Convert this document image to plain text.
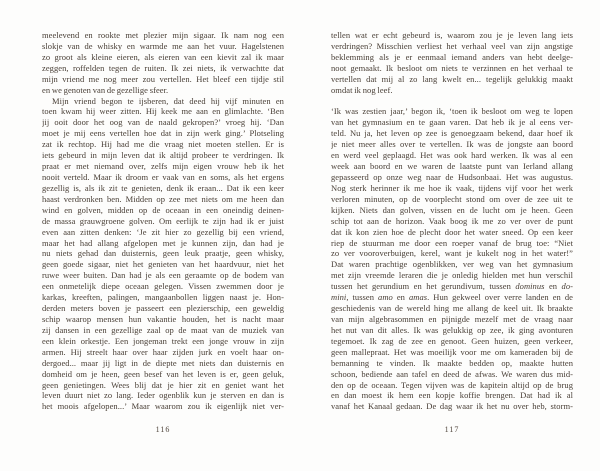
meelevend en rookte met plezier mijn sigaar. Ik nam nog een
slokje van de whisky en warmde me aan het vuur. Hagelstenen
zo groot als kleine eieren, als eieren van een kievit zal ik maar
zeggen, roffelden tegen de ruiten. Ik zei niets, ik verwachtte dat
mijn vriend me nog meer zou vertellen. Het bleef een tijdje stil
en we genoten van de gezellige sfeer.
Mijn vriend begon te ijsberen, dat deed hij vijf minuten en
toen kwam hij weer zitten. Hij keek me aan en glimlachte. ‘Ben
jij ooit door het oog van de naald gekropen?’ vroeg hij. ‘Dan
moet je mij eens vertellen hoe dat in zijn werk ging.’ Plotseling
zat ik rechtop. Hij had me die vraag niet moeten stellen. Er is
iets gebeurd in mijn leven dat ik altijd probeer te verdringen. Ik
praat er met niemand over, zelfs mijn eigen vrouw heb ik het
nooit verteld. Maar ik droom er vaak van en soms, als het ergens
gezellig is, als ik zit te genieten, denk ik eraan... Dat ik een keer
haast verdronken ben. Midden op zee met niets om me heen dan
wind en golven, midden op de oceaan in een oneindig deinen-
de massa grauwgroene golven. Om eerlijk te zijn had ik er juist
even aan zitten denken: ‘Je zit hier zo gezellig bij een vriend,
maar het had allang afgelopen met je kunnen zijn, dan had je
nu niets gehad dan duisternis, geen leuk praatje, geen whisky,
geen goede sigaar, niet het genieten van het haardvuur, niet het
ruwe weer buiten. Dan had je als een geraamte op de bodem van
een onmetelijk diepe oceaan gelegen. Vissen zwemmen door je
karkas, kreeften, palingen, mangaanbollen liggen naast je. Hon-
derden meters boven je passeert een plezierschip, een geweldig
schip waarop mensen hun vakantie houden, het is nacht maar
zij dansen in een gezellige zaal op de maat van de muziek van
een klein orkestje. Een jongeman trekt een jonge vrouw in zijn
armen. Hij streelt haar over haar zijden jurk en voelt haar on-
dergoed... maar jij ligt in de diepte met niets dan duisternis en
domheid om je heen, geen besef van het leven is er, geen geluk,
geen genietingen. Wees blij dat je hier zit en geniet want het
leven duurt niet zo lang. Ieder ogenblik kun je sterven en dan is
het moois afgelopen...’ Maar waarom zou ik eigenlijk niet ver-
tellen wat er echt gebeurd is, waarom zou je je leven lang iets
verdringen? Misschien verliest het verhaal veel van zijn angstige
beklemming als je er eenmaal iemand anders van hebt deelge-
noot gemaakt. Ik besloot om niets te verzinnen en het verhaal te
vertellen dat mij al zo lang kwelt en... tegelijk gelukkig maakt
omdat ik nog leef.
‘Ik was zestien jaar,’ begon ik, ‘toen ik besloot om weg te lopen
van het gymnasium en te gaan varen. Dat heb ik je al eens ver-
teld. Nu ja, het leven op zee is genoegzaam bekend, daar hoef ik
je niet meer alles over te vertellen. Ik was de jongste aan boord
en werd veel geplaagd. Het was ook hard werken. Ik was al een
week aan boord en we waren de laatste punt van Ierland allang
gepasseerd op onze weg naar de Hudsonbaai. Het was augustus.
Nog sterk herinner ik me hoe ik vaak, tijdens vijf voor het werk
verloren minuten, op de voorplecht stond om over de zee uit te
kijken. Niets dan golven, vissen en de lucht om je heen. Geen
schip tot aan de horizon. Vaak boog ik me zo ver over de punt
dat ik kon zien hoe de plecht door het water sneed. Op een keer
riep de stuurman me door een roeper vanaf de brug toe: “Niet
zo ver vooroverbuigen, kerel, want je kukelt nog in het water!”
Dat waren prachtige ogenblikken, ver weg van het gymnasium
met zijn vreemde leraren die je onledig hielden met hun verschil
tussen het gerundium en het gerundivum, tussen dominus en do-
mini, tussen amo en amas. Hun gekweel over verre landen en de
geschiedenis van de wereld hing me allang de keel uit. Ik braakte
van mijn algebrasommen en pijnigde mezelf met de vraag naar
het nut van dit alles. Ik was gelukkig op zee, ik ging avonturen
tegemoet. Ik zag de zee en genoot. Geen huizen, geen verkeer,
geen mallepraat. Het was moeilijk voor me om kameraden bij de
bemanning te vinden. Ik maakte bedden op, maakte hutten
schoon, bediende aan tafel en deed de afwas. We waren dus mid-
den op de oceaan. Tegen vijven was de kapitein altijd op de brug
en dan moest ik hem een kopje koffie brengen. Dat had ik al
vanaf het Kanaal gedaan. De dag waar ik het nu over heb, storm-
116	117
